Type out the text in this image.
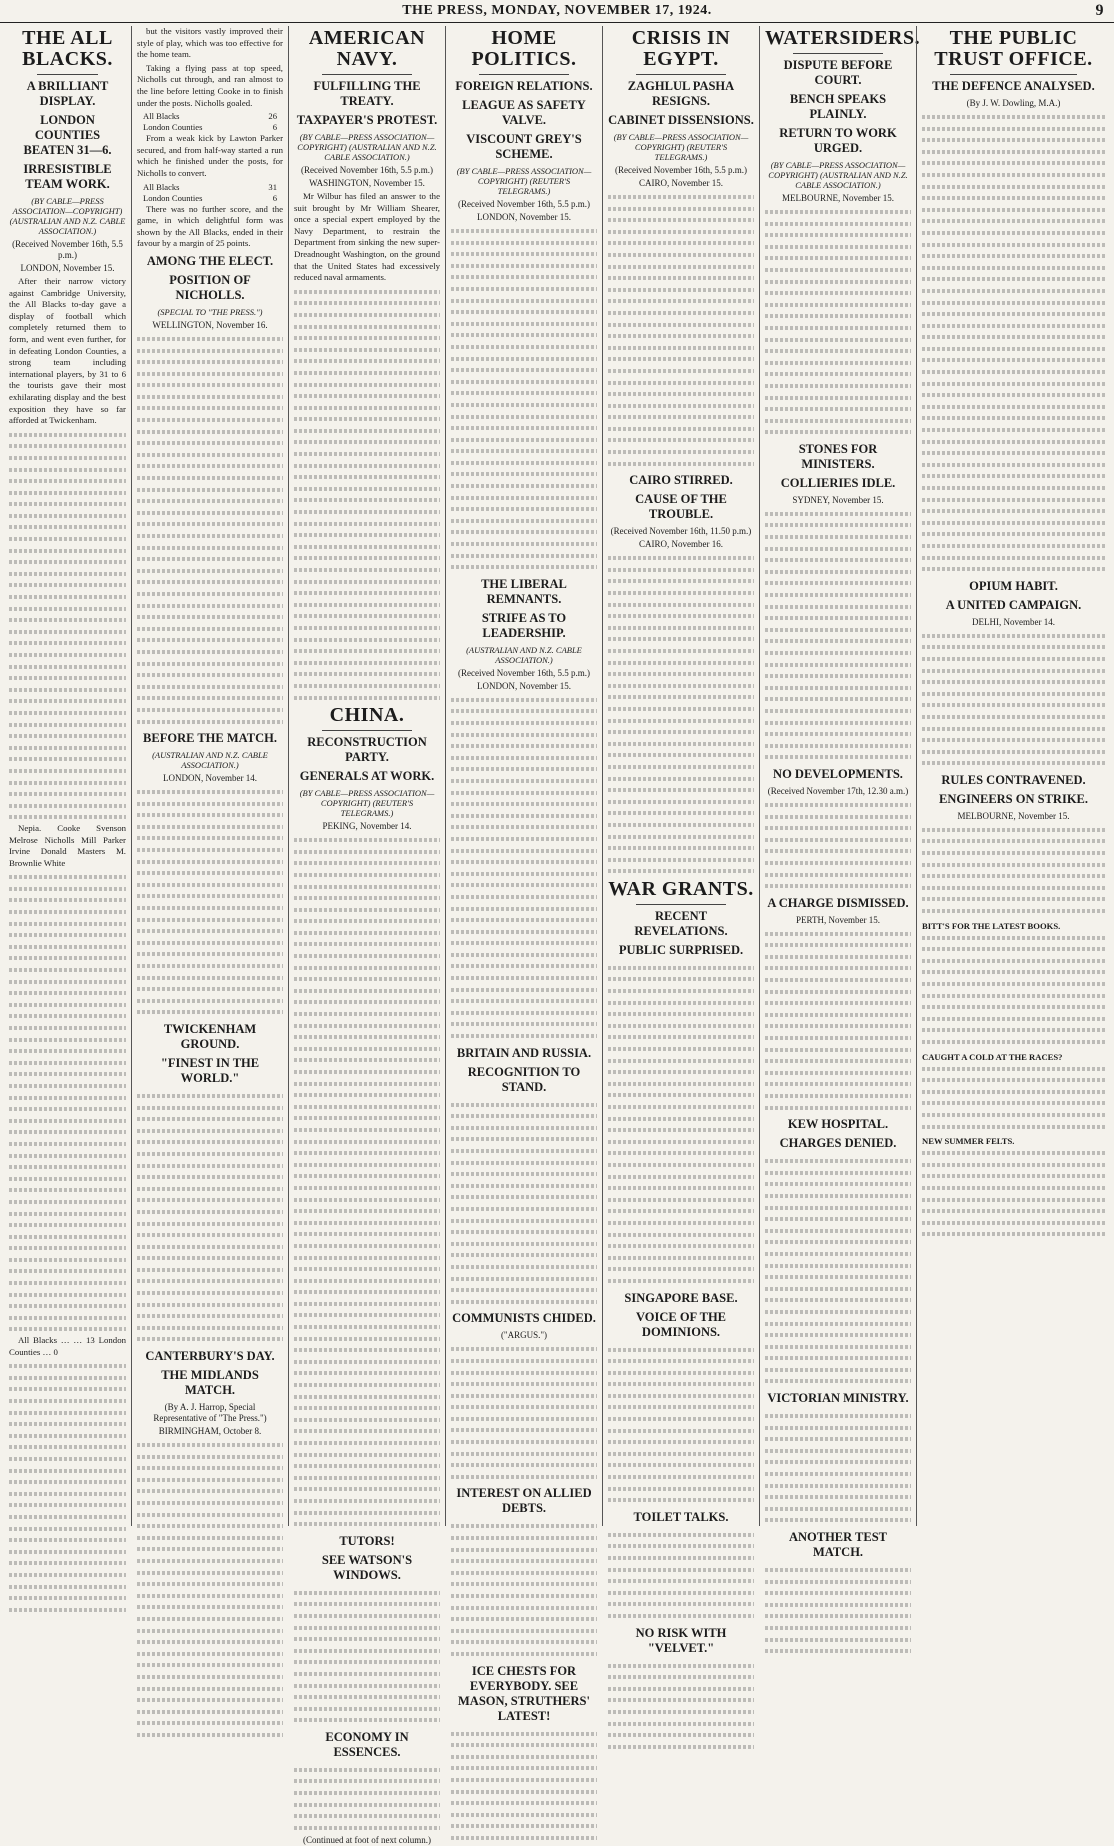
THE PRESS, MONDAY, NOVEMBER 17, 1924.	9
THE ALL BLACKS.
A BRILLIANT DISPLAY.
LONDON COUNTIES BEATEN 31—6.
IRRESISTIBLE TEAM WORK.
(BY CABLE—PRESS ASSOCIATION—COPYRIGHT) (AUSTRALIAN AND N.Z. CABLE ASSOCIATION.)
(Received November 16th, 5.5 p.m.)
LONDON, November 15.
After their narrow victory against Cambridge University, the All Blacks to-day gave a display of football which completely returned them to form, and went even further, for in defeating London Counties, a strong team including international players, by 31 to 6 the tourists gave their most exhilarating display and the best exposition they have so far afforded at Twickenham.
Nepia. Cooke Svenson Melrose Nicholls Mill Parker Irvine Donald Masters M. Brownlie White
All Blacks … … 13 London Counties … 0
but the visitors vastly improved their style of play, which was too effective for the home team.
Taking a flying pass at top speed, Nicholls cut through, and ran almost to the line before letting Cooke in to finish under the posts. Nicholls goaled.
All Blacks	26
London Counties	6
From a weak kick by Lawton Parker secured, and from half-way started a run which he finished under the posts, for Nicholls to convert.
All Blacks	31
London Counties	6
There was no further score, and the game, in which delightful form was shown by the All Blacks, ended in their favour by a margin of 25 points.
AMONG THE ELECT.
POSITION OF NICHOLLS.
(SPECIAL TO "THE PRESS.")
WELLINGTON, November 16.
BEFORE THE MATCH.
(AUSTRALIAN AND N.Z. CABLE ASSOCIATION.)
LONDON, November 14.
TWICKENHAM GROUND.
"FINEST IN THE WORLD."
CANTERBURY'S DAY.
THE MIDLANDS MATCH.
(By A. J. Harrop, Special Representative of "The Press.")
BIRMINGHAM, October 8.
AMERICAN NAVY.
FULFILLING THE TREATY.
TAXPAYER'S PROTEST.
(BY CABLE—PRESS ASSOCIATION—COPYRIGHT) (AUSTRALIAN AND N.Z. CABLE ASSOCIATION.)
(Received November 16th, 5.5 p.m.)
WASHINGTON, November 15.
Mr Wilbur has filed an answer to the suit brought by Mr William Shearer, once a special expert employed by the Navy Department, to restrain the Department from sinking the new super-Dreadnought Washington, on the ground that the United States had excessively reduced naval armaments.
CHINA.
RECONSTRUCTION PARTY.
GENERALS AT WORK.
(BY CABLE—PRESS ASSOCIATION—COPYRIGHT) (REUTER'S TELEGRAMS.)
PEKING, November 14.
TUTORS!
SEE WATSON'S WINDOWS.
ECONOMY IN ESSENCES.
(Continued at foot of next column.)
HOME POLITICS.
FOREIGN RELATIONS.
LEAGUE AS SAFETY VALVE.
VISCOUNT GREY'S SCHEME.
(BY CABLE—PRESS ASSOCIATION—COPYRIGHT) (REUTER'S TELEGRAMS.)
(Received November 16th, 5.5 p.m.)
LONDON, November 15.
THE LIBERAL REMNANTS.
STRIFE AS TO LEADERSHIP.
(AUSTRALIAN AND N.Z. CABLE ASSOCIATION.)
(Received November 16th, 5.5 p.m.)
LONDON, November 15.
BRITAIN AND RUSSIA.
RECOGNITION TO STAND.
COMMUNISTS CHIDED.
("ARGUS.")
INTEREST ON ALLIED DEBTS.
ICE CHESTS FOR EVERYBODY. SEE MASON, STRUTHERS' LATEST!
CRISIS IN EGYPT.
ZAGHLUL PASHA RESIGNS.
CABINET DISSENSIONS.
(BY CABLE—PRESS ASSOCIATION—COPYRIGHT) (REUTER'S TELEGRAMS.)
(Received November 16th, 5.5 p.m.)
CAIRO, November 15.
CAIRO STIRRED.
CAUSE OF THE TROUBLE.
(Received November 16th, 11.50 p.m.)
CAIRO, November 16.
WAR GRANTS.
RECENT REVELATIONS.
PUBLIC SURPRISED.
SINGAPORE BASE.
VOICE OF THE DOMINIONS.
TOILET TALKS.
NO RISK WITH "VELVET."
WATERSIDERS.
DISPUTE BEFORE COURT.
BENCH SPEAKS PLAINLY.
RETURN TO WORK URGED.
(BY CABLE—PRESS ASSOCIATION—COPYRIGHT) (AUSTRALIAN AND N.Z. CABLE ASSOCIATION.)
MELBOURNE, November 15.
STONES FOR MINISTERS.
COLLIERIES IDLE.
SYDNEY, November 15.
NO DEVELOPMENTS.
(Received November 17th, 12.30 a.m.)
A CHARGE DISMISSED.
PERTH, November 15.
KEW HOSPITAL.
CHARGES DENIED.
VICTORIAN MINISTRY.
ANOTHER TEST MATCH.
THE PUBLIC TRUST OFFICE.
THE DEFENCE ANALYSED.
(By J. W. Dowling, M.A.)
OPIUM HABIT.
A UNITED CAMPAIGN.
DELHI, November 14.
RULES CONTRAVENED.
ENGINEERS ON STRIKE.
MELBOURNE, November 15.
BITT'S FOR THE LATEST BOOKS.
CAUGHT A COLD AT THE RACES?
NEW SUMMER FELTS.
